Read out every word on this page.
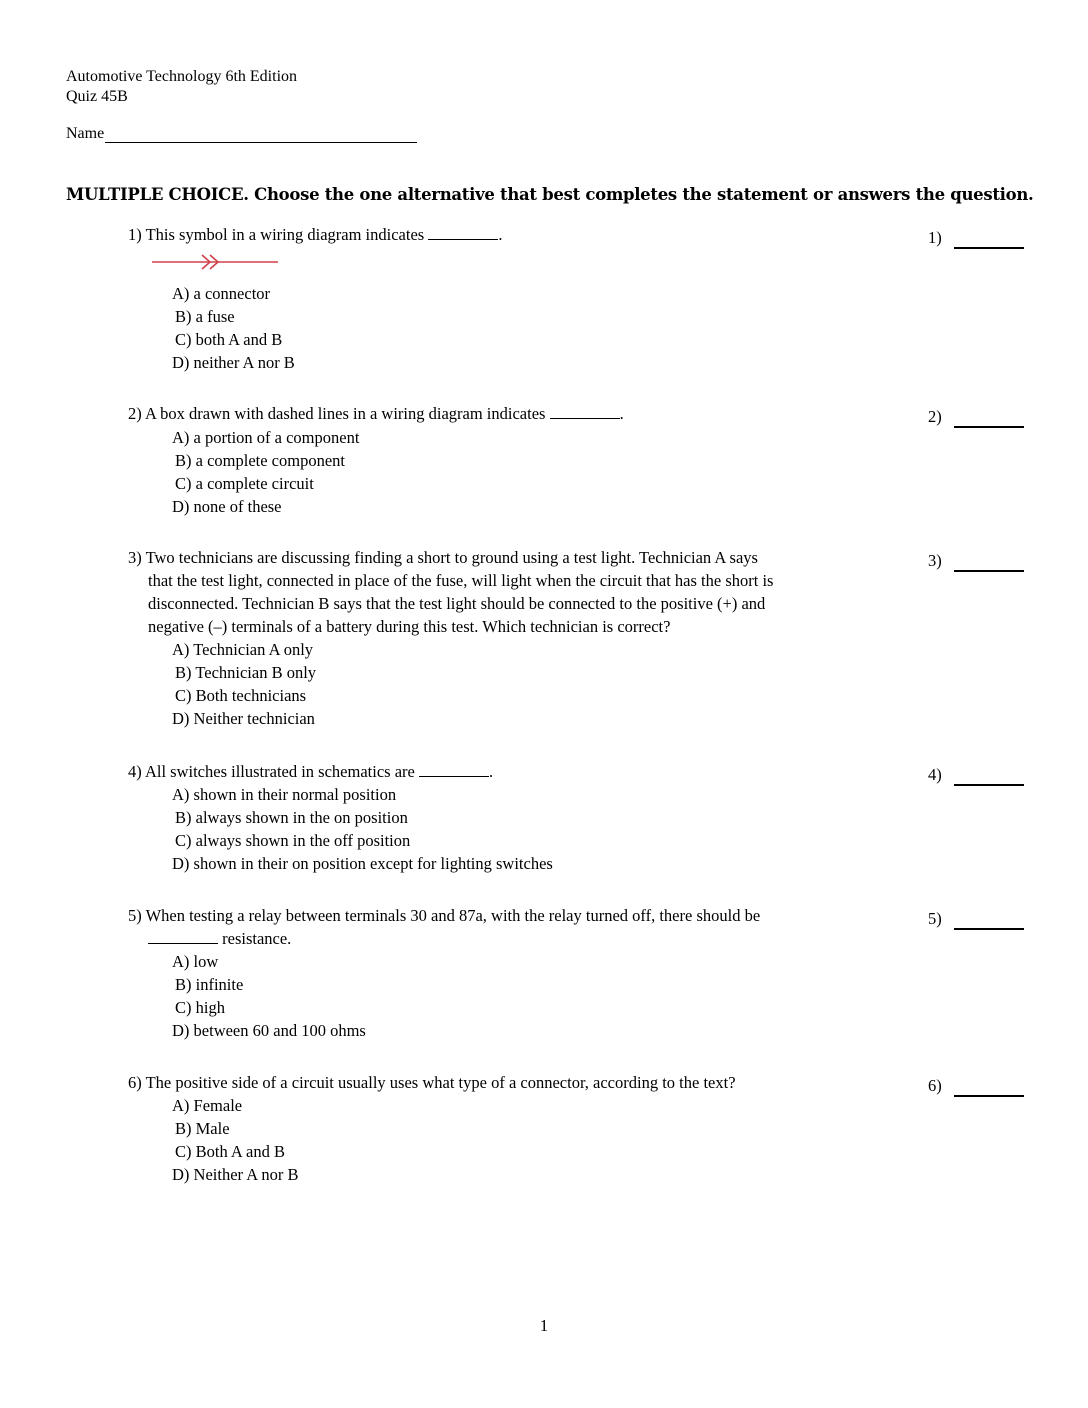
Automotive Technology 6th Edition
Quiz 45B
Name
MULTIPLE CHOICE. Choose the one alternative that best completes the statement or answers the question.
1) This symbol in a wiring diagram indicates	.
A) a connector
B) a fuse
C) both A and B
D) neither A nor B
1)
2) A box drawn with dashed lines in a wiring diagram indicates	.
A) a portion of a component
B) a complete component
C) a complete circuit
D) none of these
2)
3) Two technicians are discussing finding a short to ground using a test light. Technician A says
that the test light, connected in place of the fuse, will light when the circuit that has the short is
disconnected. Technician B says that the test light should be connected to the positive (+) and
negative (–) terminals of a battery during this test. Which technician is correct?
A) Technician A only
B) Technician B only
C) Both technicians
D) Neither technician
3)
4) All switches illustrated in schematics are	.
A) shown in their normal position
B) always shown in the on position
C) always shown in the off position
D) shown in their on position except for lighting switches
4)
5) When testing a relay between terminals 30 and 87a, with the relay turned off, there should be
resistance.
A) low
B) infinite
C) high
D) between 60 and 100 ohms
5)
6) The positive side of a circuit usually uses what type of a connector, according to the text?
A) Female
B) Male
C) Both A and B
D) Neither A nor B
6)
1
